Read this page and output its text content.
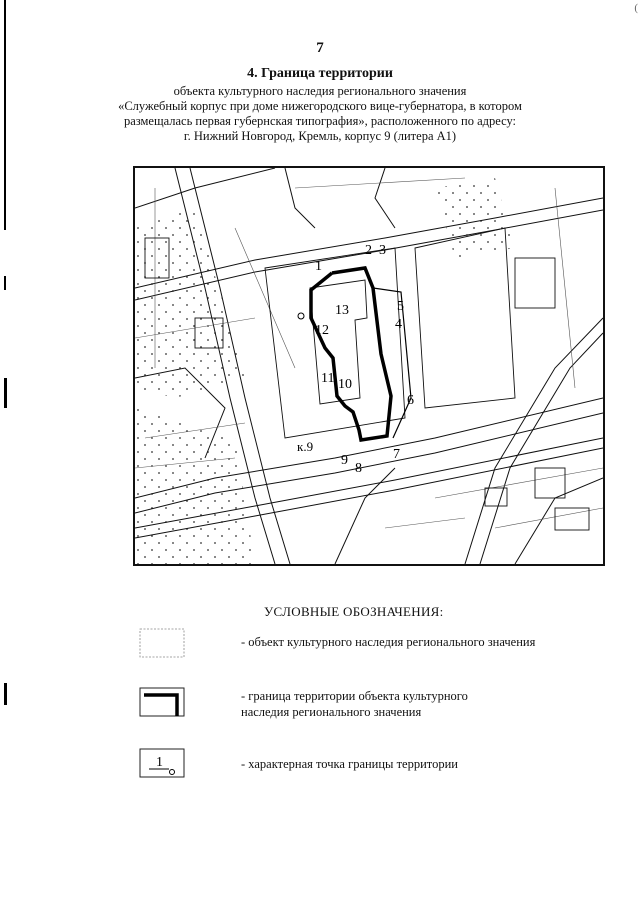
(
7
4. Граница территории
объекта культурного наследия регионального значения
«Служебный корпус при доме нижегородского вице-губернатора, в котором
размещалась первая губернская типография», расположенного по адресу:
г. Нижний Новгород, Кремль, корпус 9 (литера А1)
1
2 3
4
5
6
7
8
9
10
11
12
13
к.9
УСЛОВНЫЕ ОБОЗНАЧЕНИЯ:
- объект культурного наследия регионального значения
- граница территории объекта культурного
наследия регионального значения
1	- характерная точка границы территории
